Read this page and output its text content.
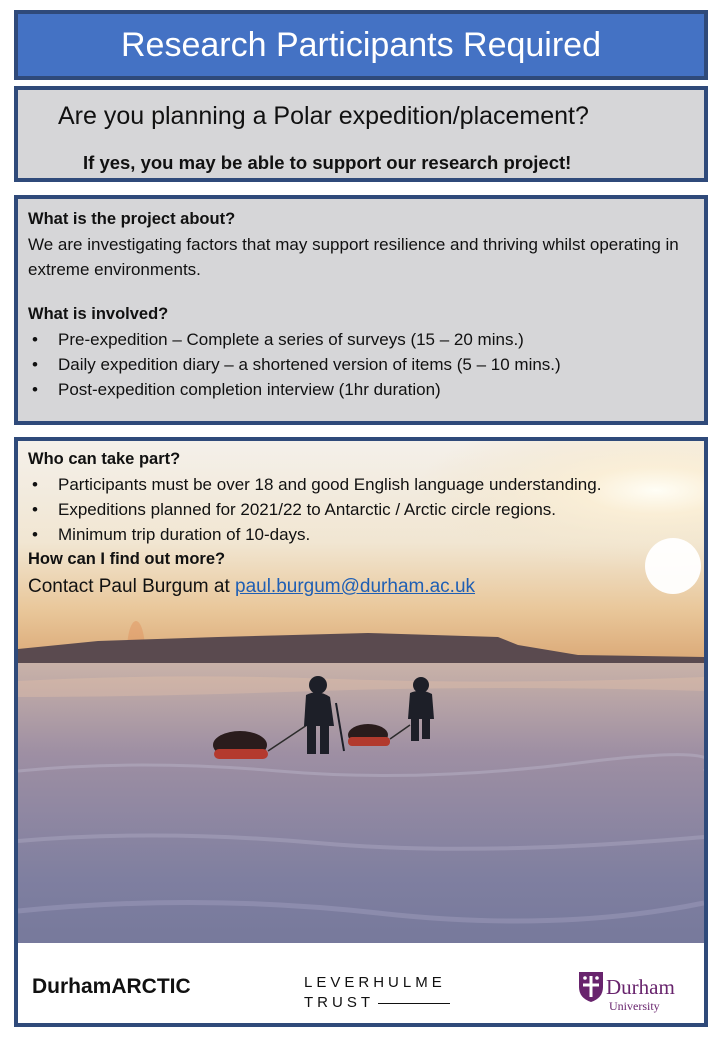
Research Participants Required
Are you planning a Polar expedition/placement?
If yes, you may be able to support our research project!
What is the project about?
We are investigating factors that may support resilience and thriving whilst operating in extreme environments.
What is involved?
• Pre-expedition – Complete a series of surveys (15 – 20 mins.)
• Daily expedition diary – a shortened version of items (5 – 10 mins.)
• Post-expedition completion interview (1hr duration)
Who can take part?
• Participants must be over 18 and good English language understanding.
• Expeditions planned for 2021/22 to Antarctic / Arctic circle regions.
• Minimum trip duration of 10-days.
How can I find out more?
Contact Paul Burgum at paul.burgum@durham.ac.uk
DurhamARCTIC	LEVERHULME
TRUST
Durham
University
